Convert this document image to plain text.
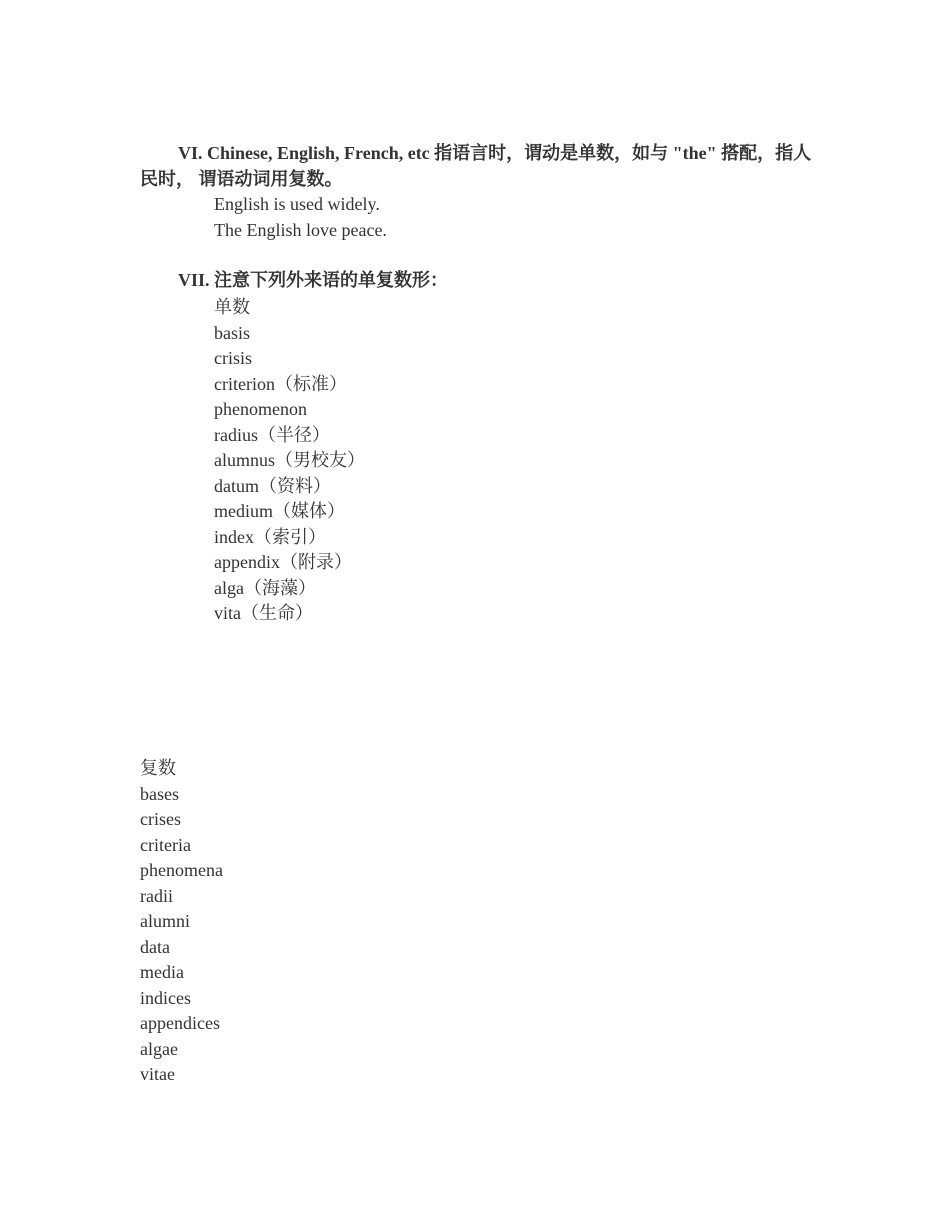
VI. Chinese, English, French, etc 指语言时，谓动是单数，如与 "the" 搭配，指人民时， 谓语动词用复数。

English is used widely.
The English love peace.

VII. 注意下列外来语的单复数形：

单数
basis
crisis
criterion（标准）
phenomenon
radius（半径）
alumnus（男校友）
datum（资料）
medium（媒体）
index（索引）
appendix（附录）
alga（海藻）
vita（生命）
复数
bases
crises
criteria
phenomena
radii
alumni
data
media
indices
appendices
algae
vitae
